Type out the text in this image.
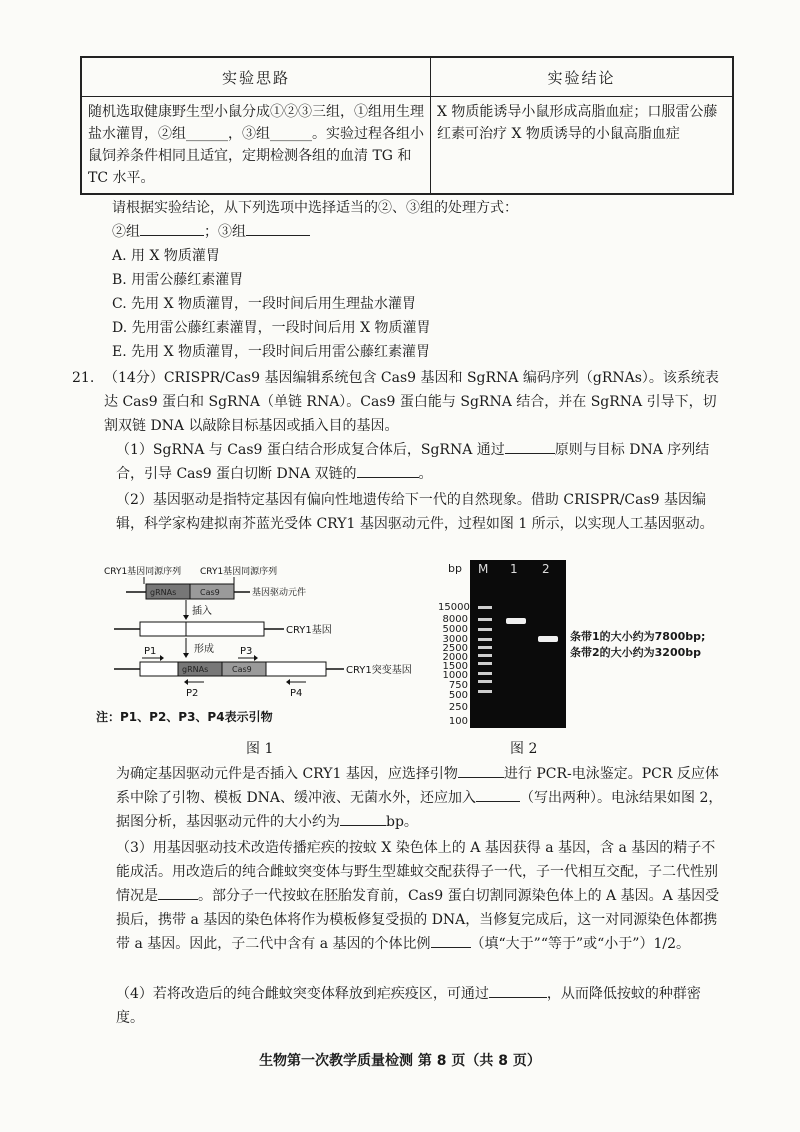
实验思路	实验结论
随机选取健康野生型小鼠分成①②③三组，①组用生理盐水灌胃，②组______，③组______。实验过程各组小鼠饲养条件相同且适宜，定期检测各组的血清 TG 和 TC 水平。	X 物质能诱导小鼠形成高脂血症；口服雷公藤红素可治疗 X 物质诱导的小鼠高脂血症
请根据实验结论，从下列选项中选择适当的②、③组的处理方式：
②组	；③组
A. 用 X 物质灌胃
B. 用雷公藤红素灌胃
C. 先用 X 物质灌胃，一段时间后用生理盐水灌胃
D. 先用雷公藤红素灌胃，一段时间后用 X 物质灌胃
E. 先用 X 物质灌胃，一段时间后用雷公藤红素灌胃
21. （14分）CRISPR/Cas9 基因编辑系统包含 Cas9 基因和 SgRNA 编码序列（gRNAs）。该系统表达 Cas9 蛋白和 SgRNA（单链 RNA）。Cas9 蛋白能与 SgRNA 结合，并在 SgRNA 引导下，切割双链 DNA 以敲除目标基因或插入目的基因。
（1）SgRNA 与 Cas9 蛋白结合形成复合体后，SgRNA 通过	原则与目标 DNA 序列结合，引导 Cas9 蛋白切断 DNA 双链的	。
（2）基因驱动是指特定基因有偏向性地遗传给下一代的自然现象。借助 CRISPR/Cas9 基因编辑，科学家构建拟南芥蓝光受体 CRY1 基因驱动元件，过程如图 1 所示，以实现人工基因驱动。
CRY1基因同源序列 CRY1基因同源序列
gRNAs	Cas9	基因驱动元件
插入
CRY1基因
形成
P1	P3
gRNAs	Cas9	CRY1突变基因
P2	P4
注：P1、P2、P3、P4表示引物
图 1
bp	M 1 2
15000
8000
5000
3000
2500
2000
1500
1000
750
500
250
100
条带1的大小约为7800bp;
条带2的大小约为3200bp
图 2
为确定基因驱动元件是否插入 CRY1 基因，应选择引物	进行 PCR-电泳鉴定。PCR 反应体系中除了引物、模板 DNA、缓冲液、无菌水外，还应加入	（写出两种）。电泳结果如图 2，据图分析，基因驱动元件的大小约为	bp。
（3）用基因驱动技术改造传播疟疾的按蚊 X 染色体上的 A 基因获得 a 基因，含 a 基因的精子不能成活。用改造后的纯合雌蚊突变体与野生型雄蚊交配获得子一代，子一代相互交配，子二代性别情况是	。部分子一代按蚊在胚胎发育前，Cas9 蛋白切割同源染色体上的 A 基因。A 基因受损后，携带 a 基因的染色体将作为模板修复受损的 DNA，当修复完成后，这一对同源染色体都携带 a 基因。因此，子二代中含有 a 基因的个体比例	（填“大于”“等于”或“小于”）1/2。
（4）若将改造后的纯合雌蚊突变体释放到疟疾疫区，可通过	，从而降低按蚊的种群密度。
生物第一次教学质量检测 第 8 页（共 8 页）
